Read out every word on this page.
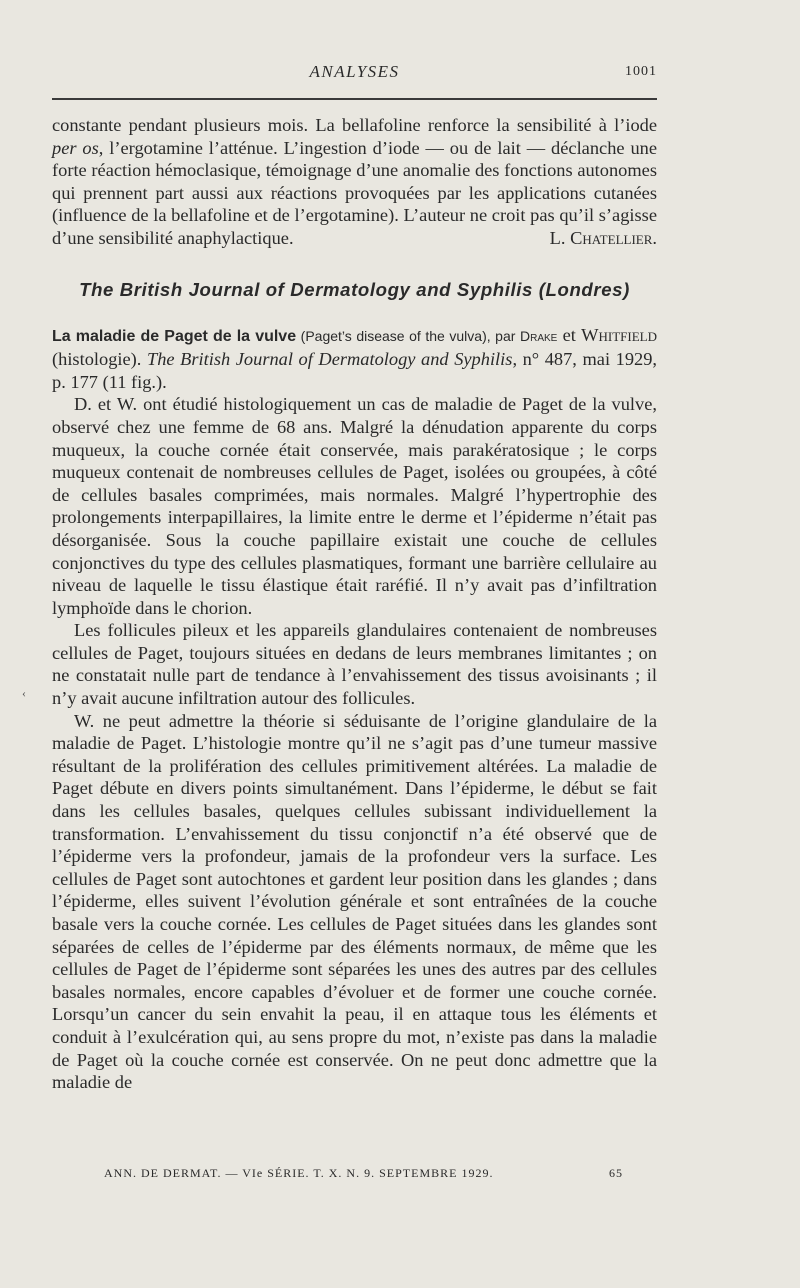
ANALYSES	1001

constante pendant plusieurs mois. La bellafoline renforce la sensibilité à l’iode per os, l’ergotamine l’atténue. L’ingestion d’iode — ou de lait — déclanche une forte réaction hémoclasique, témoignage d’une anomalie des fonctions autonomes qui prennent part aussi aux réactions provoquées par les applications cutanées (influence de la bellafoline et de l’ergotamine). L’auteur ne croit pas qu’il s’agisse d’une sensibilité anaphylactique.	L. Chatellier.

The British Journal of Dermatology and Syphilis (Londres)

La maladie de Paget de la vulve (Paget’s disease of the vulva), par Drake et Whitfield (histologie). The British Journal of Dermatology and Syphilis, n° 487, mai 1929, p. 177 (11 fig.).

D. et W. ont étudié histologiquement un cas de maladie de Paget de la vulve, observé chez une femme de 68 ans. Malgré la dénudation apparente du corps muqueux, la couche cornée était conservée, mais parakératosique ; le corps muqueux contenait de nombreuses cellules de Paget, isolées ou groupées, à côté de cellules basales comprimées, mais normales. Malgré l’hypertrophie des prolongements interpapillaires, la limite entre le derme et l’épiderme n’était pas désorganisée. Sous la couche papillaire existait une couche de cellules conjonctives du type des cellules plasmatiques, formant une barrière cellulaire au niveau de laquelle le tissu élastique était raréfié. Il n’y avait pas d’infiltration lymphoïde dans le chorion.

Les follicules pileux et les appareils glandulaires contenaient de nombreuses cellules de Paget, toujours situées en dedans de leurs membranes limitantes ; on ne constatait nulle part de tendance à l’envahissement des tissus avoisinants ; il n’y avait aucune infiltration autour des follicules.

W. ne peut admettre la théorie si séduisante de l’origine glandulaire de la maladie de Paget. L’histologie montre qu’il ne s’agit pas d’une tumeur massive résultant de la prolifération des cellules primitivement altérées. La maladie de Paget débute en divers points simultanément. Dans l’épiderme, le début se fait dans les cellules basales, quelques cellules subissant individuellement la transformation. L’envahissement du tissu conjonctif n’a été observé que de l’épiderme vers la profondeur, jamais de la profondeur vers la surface. Les cellules de Paget sont autochtones et gardent leur position dans les glandes ; dans l’épiderme, elles suivent l’évolution générale et sont entraînées de la couche basale vers la couche cornée. Les cellules de Paget situées dans les glandes sont séparées de celles de l’épiderme par des éléments normaux, de même que les cellules de Paget de l’épiderme sont séparées les unes des autres par des cellules basales normales, encore capables d’évoluer et de former une couche cornée. Lorsqu’un cancer du sein envahit la peau, il en attaque tous les éléments et conduit à l’exulcération qui, au sens propre du mot, n’existe pas dans la maladie de Paget où la couche cornée est conservée. On ne peut donc admettre que la maladie de

‹
ANN. DE DERMAT. — VIe SÉRIE. T. X. N. 9. SEPTEMBRE 1929.	65
